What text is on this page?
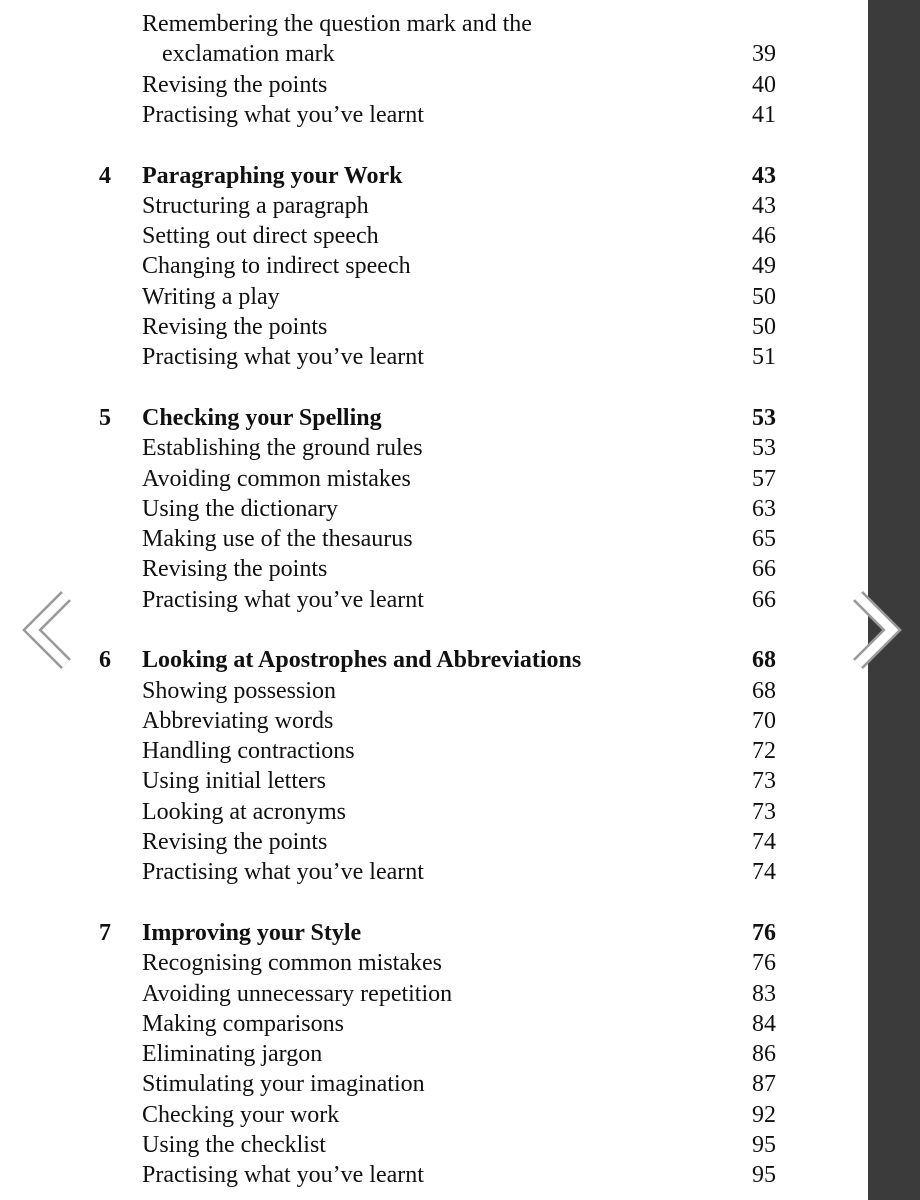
Remembering the question mark and the
exclamation mark	39
Revising the points	40
Practising what you’ve learnt	41
4 Paragraphing your Work	43
Structuring a paragraph	43
Setting out direct speech	46
Changing to indirect speech	49
Writing a play	50
Revising the points	50
Practising what you’ve learnt	51
5 Checking your Spelling	53
Establishing the ground rules	53
Avoiding common mistakes	57
Using the dictionary	63
Making use of the thesaurus	65
Revising the points	66
Practising what you’ve learnt	66
6 Looking at Apostrophes and Abbreviations	68
Showing possession	68
Abbreviating words	70
Handling contractions	72
Using initial letters	73
Looking at acronyms	73
Revising the points	74
Practising what you’ve learnt	74
7 Improving your Style	76
Recognising common mistakes	76
Avoiding unnecessary repetition	83
Making comparisons	84
Eliminating jargon	86
Stimulating your imagination	87
Checking your work	92
Using the checklist	95
Practising what you’ve learnt	95
